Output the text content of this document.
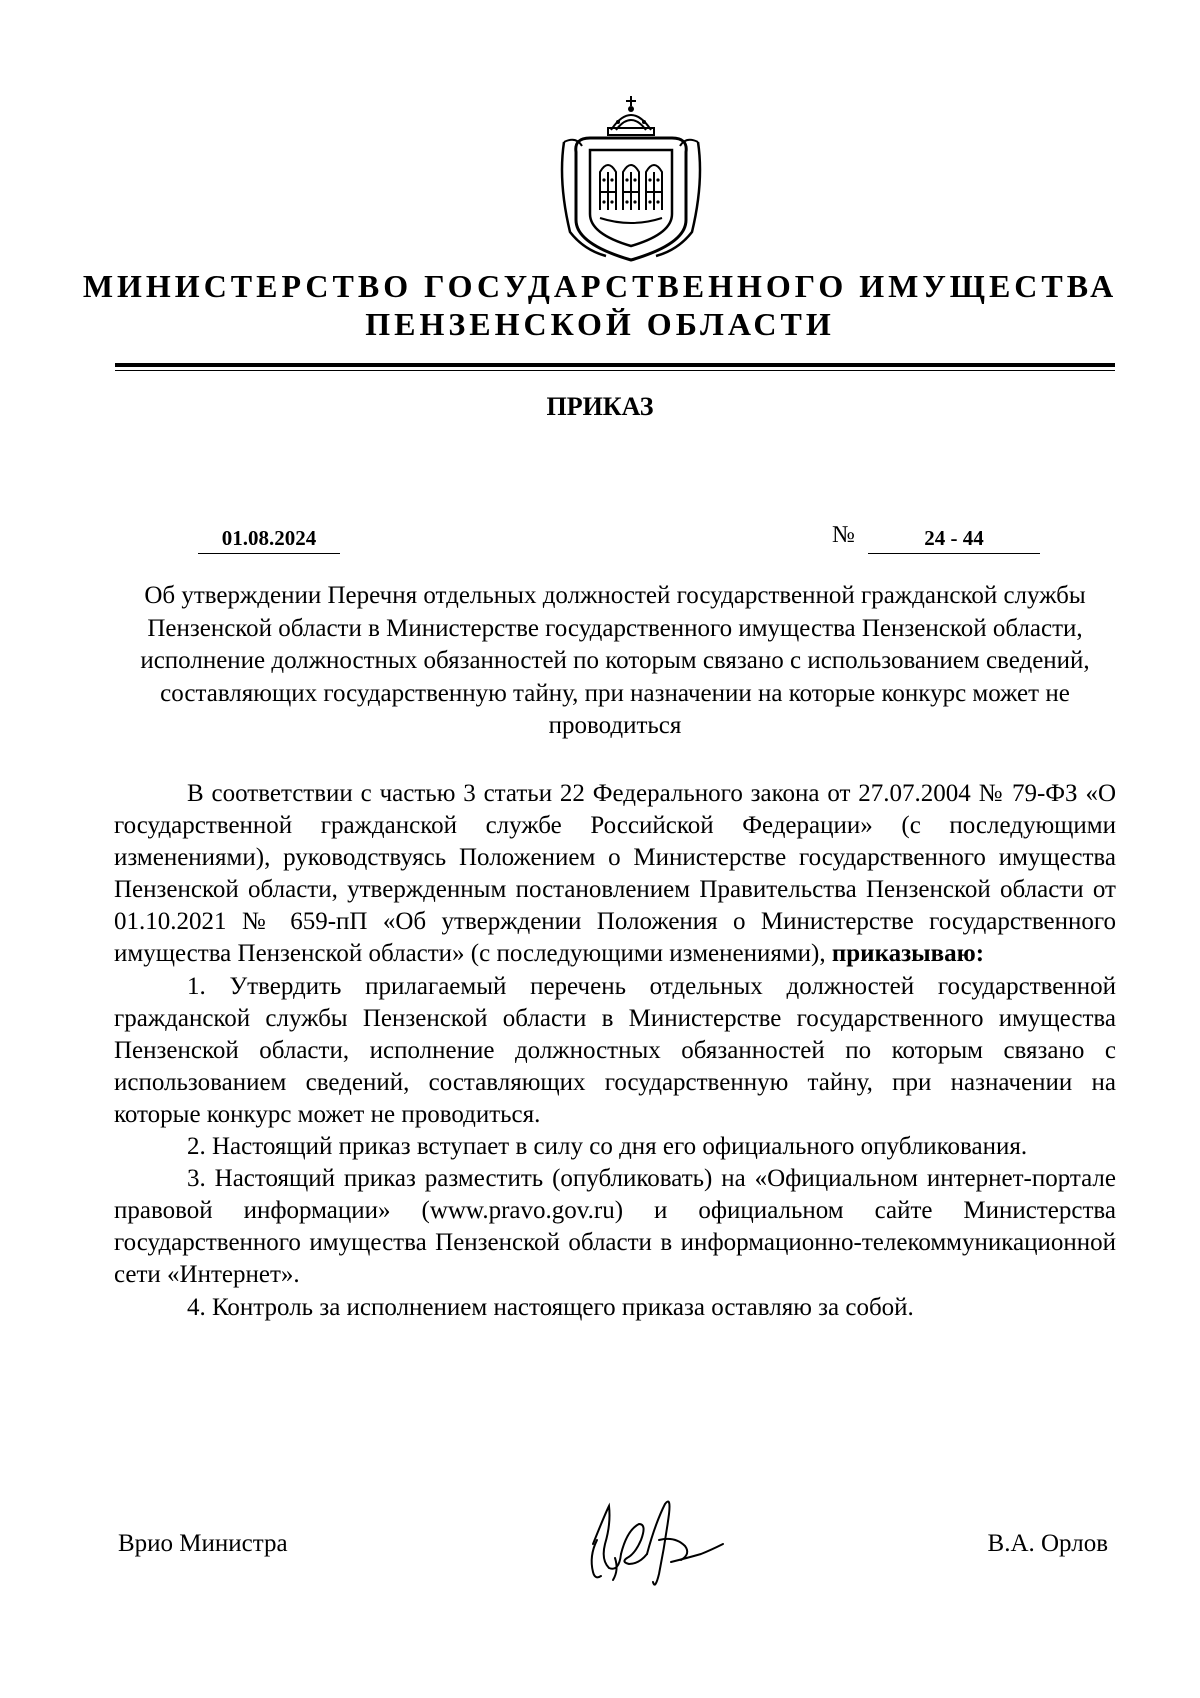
МИНИСТЕРСТВО ГОСУДАРСТВЕННОГО ИМУЩЕСТВА
ПЕНЗЕНСКОЙ ОБЛАСТИ
ПРИКАЗ
01.08.2024	№	24 - 44
Об утверждении Перечня отдельных должностей государственной гражданской службы Пензенской области в Министерстве государственного имущества Пензенской области, исполнение должностных обязанностей по которым связано с использованием сведений, составляющих государственную тайну, при назначении на которые конкурс может не проводиться

В соответствии с частью 3 статьи 22 Федерального закона от 27.07.2004 № 79-ФЗ «О государственной гражданской службе Российской Федерации» (с последующими изменениями), руководствуясь Положением о Министерстве государственного имущества Пензенской области, утвержденным постановлением Правительства Пензенской области от 01.10.2021 № 659-пП «Об утверждении Положения о Министерстве государственного имущества Пензенской области» (с последующими изменениями), приказываю:

1. Утвердить прилагаемый перечень отдельных должностей государственной гражданской службы Пензенской области в Министерстве государственного имущества Пензенской области, исполнение должностных обязанностей по которым связано с использованием сведений, составляющих государственную тайну, при назначении на которые конкурс может не проводиться.

2. Настоящий приказ вступает в силу со дня его официального опубликования.

3. Настоящий приказ разместить (опубликовать) на «Официальном интернет-портале правовой информации» (www.pravo.gov.ru) и официальном сайте Министерства государственного имущества Пензенской области в информационно-телекоммуникационной сети «Интернет».

4. Контроль за исполнением настоящего приказа оставляю за собой.

Врио Министра	В.А. Орлов
